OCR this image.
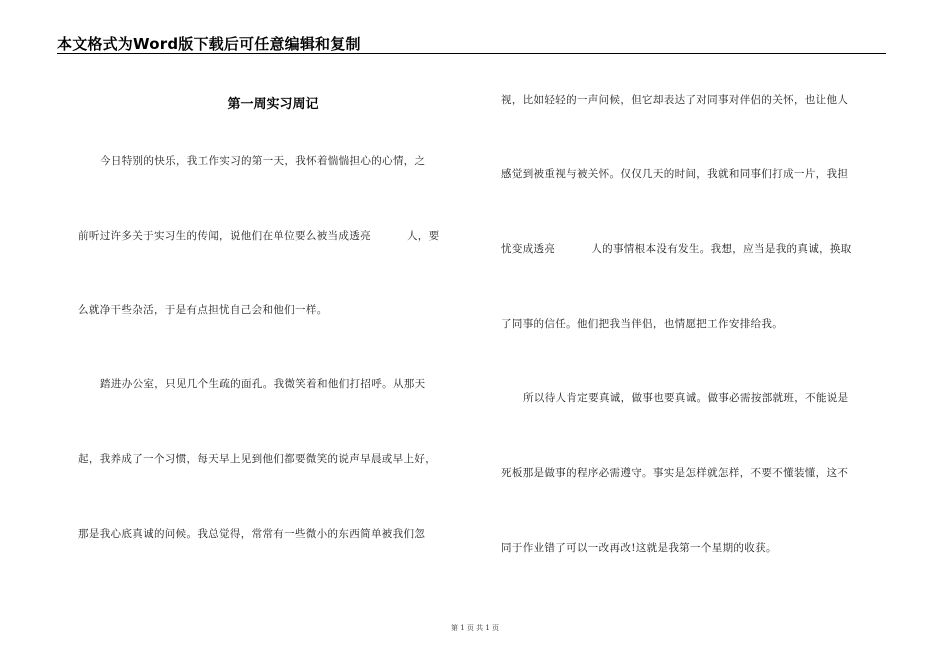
本文格式为Word版下载后可任意编辑和复制
第一周实习周记
今日特别的快乐，我工作实习的第一天，我怀着惴惴担心的心情，之
前听过许多关于实习生的传闻，说他们在单位要么被当成透亮	人，要
么就净干些杂活，于是有点担忧自己会和他们一样。
踏进办公室，只见几个生疏的面孔。我微笑着和他们打招呼。从那天
起，我养成了一个习惯，每天早上见到他们都要微笑的说声早晨或早上好，
那是我心底真诚的问候。我总觉得，常常有一些微小的东西简单被我们忽
视，比如轻轻的一声问候，但它却表达了对同事对伴侣的关怀，也让他人
感觉到被重视与被关怀。仅仅几天的时间，我就和同事们打成一片，我担
忧变成透亮	人的事情根本没有发生。我想，应当是我的真诚，换取
了同事的信任。他们把我当伴侣，也情愿把工作安排给我。
所以待人肯定要真诚，做事也要真诚。做事必需按部就班，不能说是
死板那是做事的程序必需遵守。事实是怎样就怎样，不要不懂装懂，这不
同于作业错了可以一改再改!这就是我第一个星期的收获。
第 1 页 共 1 页
